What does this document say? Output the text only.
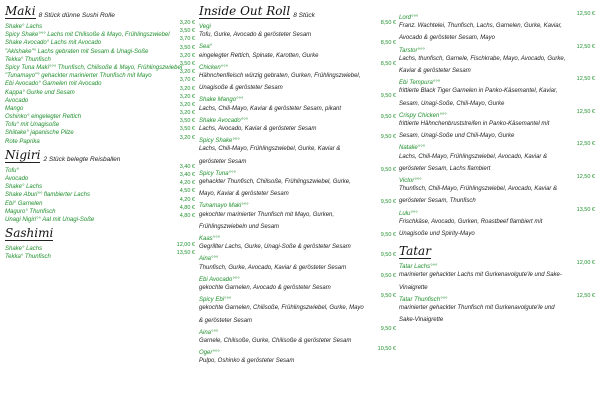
Maki 8 Stück dünne Sushi Rolle
Shake° Lachs
3,20 €
Spicy Shake°°° Lachs mit Chilisoße & Mayo, Frühlingszwiebel
3,50 €
Shake Avocado° Lachs mit Avocado
3,70 €
"Aklshake"° Lachs gebraten mit Sesam & Unagi-Soße
3,50 €
Tekka° Thunfisch
3,20 €
Spicy Tuna Maki°°° Thunfisch, Chilisoße & Mayo, Frühlingszwiebel
3,50 €
"Tunamayo"° gehackter marinierter Thunfisch mit Mayo
3,20 €
Ebi Avocado° Garnelen mit Avocado
3,70 €
Kappa° Gurke und Sesam
3,20 €
Avocado
3,20 €
Mango
3,20 €
Oshinko° eingelegter Rettich
3,20 €
Tofu° mit Unagisoße
3,50 €
Shiitake° japanische Pilze
3,50 €
Rote Paprika
3,20 €
Nigiri 2 Stück belegte Reisballen
Tofu°
3,40 €
Avocado
3,40 €
Shake° Lachs
4,20 €
Shake Aburi°° flambierter Lachs
4,50 €
Ebi° Garnelen
4,20 €
Maguro° Thunfisch
4,80 €
Unagi Nigiri°° Aal mit Unagi-Soße
4,80 €
Sashimi
Shake° Lachs
12,00 €
Tekka° Thunfisch
13,50 €
Inside Out Roll 8 Stück
Vegi
8,50 €
Tofu, Gurke, Avocado & gerösteter Sesam
Sea°
8,50 €
eingelegter Rettich, Spinate, Karotten, Gurke
Chicken°°°
8,50 €
Hähnchenfleisch würzig gebraten, Gurken, Frühlingszwiebel, Unagisoße & gerösteter Sesam
Shake Mango°°°
9,50 €
Lachs, Chili-Mayo, Kaviar & gerösteter Sesam, pikant
Shake Avocado°°°
9,50 €
Lachs, Avocado, Kaviar & gerösteter Sesam
Spicy Shake°°°
9,50 €
Lachs, Chili-Mayo, Frühlingszwiebel, Gurke, Kaviar & gerösteter Sesam
Spicy Tuna°°°
9,50 €
gehackter Thunfisch, Chilisoße, Frühlingszwiebel, Gurke, Mayo, Kaviar & gerösteter Sesam
Tunamayo Maki°°°
9,50 €
gekochter marinierter Thunfisch mit Mayo, Gurken, Frühlingszwiebeln und Sesam
Kaas°°°
9,50 €
Gegrillter Lachs, Gurke, Unagi-Soße & gerösteter Sesam
Aina°°°
9,50 €
Thunfisch, Gurke, Avocado, Kaviar & gerösteter Sesam
Ebi Avocado°°°
9,50 €
gekochte Garnelen, Avocado & gerösteter Sesam
Spicy Ebi°°°
9,50 €
gekochte Garnelen, Chilisoße, Frühlingszwiebel, Gurke, Mayo & gerösteter Sesam
Aina°°°
9,50 €
Garnele, Chilisoße, Gurke, Chilisoße & gerösteter Sesam
Oger°°°
10,50 €
Pulpo, Oshinko & gerösteter Sesam
Lord°°°
12,50 €
Franz. Wachtelei, Thunfisch, Lachs, Garnelen, Gurke, Kaviar, Avocado & gerösteter Sesam, Mayo
Tarstor°°°
12,50 €
Lachs, thunfisch, Garnele, Fischkrabe, Mayo, Avocado, Gurke, Kaviar & gerösteter Sesam
Ebi Tempura°°°
12,50 €
frittierte Black Tiger Garnelen in Panko-Käsemantel, Kaviar, Sesam, Unagi-Soße, Chili-Mayo, Gurke
Crispy Chicken°°°
12,50 €
frittierte Hähnchenbruststreifen in Panko-Käsemantel mit Sesam, Unagi-Soße und Chili-Mayo, Gurke
Natalie°°°
12,50 €
Lachs, Chili-Mayo, Frühlingszwiebel, Avocado, Kaviar & gerösteter Sesam, Lachs flambiert
Victor°°°
12,50 €
Thunfisch, Chili-Mayo, Frühlingszwiebel, Avocado, Kaviar & gerösteter Sesam, Thunfisch
Lulu°°°
13,50 €
Frischkäse, Avocado, Gurken, Roastbeef flambiert mit Unagisoße und Spirity-Mayo
Tatar
Tatar Lachs°°°
12,00 €
marinierter gehackter Lachs mit Gurkenavolgute'le und Sake-Vinaigrette
Tatar Thunfisch°°°
12,50 €
marinierter gehackter Thunfisch mit Gurkenavolgute'le und Sake-Vinaigrette
